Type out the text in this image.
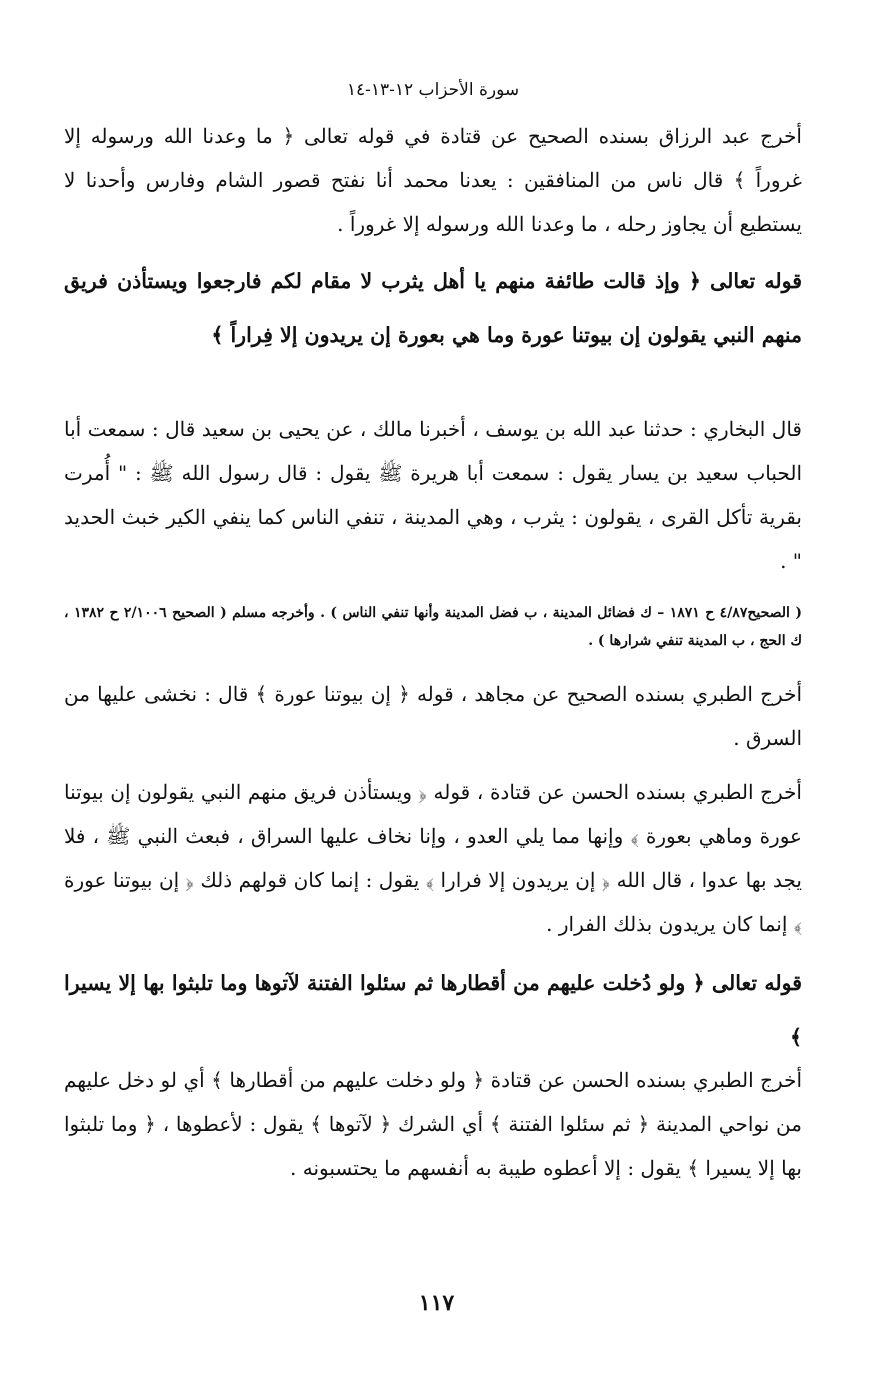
سورة الأحزاب ١٢-١٣-١٤

أخرج عبد الرزاق بسنده الصحيح عن قتادة في قوله تعالى ﴿ ما وعدنا الله ورسوله إلا غروراً ﴾ قال ناس من المنافقين : يعدنا محمد أنا نفتح قصور الشام وفارس وأحدنا لا يستطيع أن يجاوز رحله ، ما وعدنا الله ورسوله إلا غروراً .

قوله تعالى ﴿ وإذ قالت طائفة منهم يا أهل يثرب لا مقام لكم فارجعوا ويستأذن فريق منهم النبي يقولون إن بيوتنا عورة وما هي بعورة إن يريدون إلا فِراراً ﴾

قال البخاري : حدثنا عبد الله بن يوسف ، أخبرنا مالك ، عن يحيى بن سعيد قال : سمعت أبا الحباب سعيد بن يسار يقول : سمعت أبا هريرة ﷺ يقول : قال رسول الله ﷺ : " أُمرت بقرية تأكل القرى ، يقولون : يثرب ، وهي المدينة ، تنفي الناس كما ينفي الكير خبث الحديد " .

( الصحيح٤/٨٧ ح ١٨٧١ – ك فضائل المدينة ، ب فضل المدينة وأنها تنفي الناس ) . وأخرجه مسلم ( الصحيح ٢/١٠٠٦ ح ١٣٨٢ ، ك الحج ، ب المدينة تنفي شرارها ) .

أخرج الطبري بسنده الصحيح عن مجاهد ، قوله ﴿ إن بيوتنا عورة ﴾ قال : نخشى عليها من السرق .

أخرج الطبري بسنده الحسن عن قتادة ، قوله ﴿ ويستأذن فريق منهم النبي يقولون إن بيوتنا عورة وماهي بعورة ﴾ وإنها مما يلي العدو ، وإنا نخاف عليها السراق ، فبعث النبي ﷺ ، فلا يجد بها عدوا ، قال الله ﴿ إن يريدون إلا فرارا ﴾ يقول : إنما كان قولهم ذلك ﴿ إن بيوتنا عورة ﴾ إنما كان يريدون بذلك الفرار .

قوله تعالى ﴿ ولو دُخلت عليهم من أقطارها ثم سئلوا الفتنة لآتوها وما تلبثوا بها إلا يسيرا ﴾

أخرج الطبري بسنده الحسن عن قتادة ﴿ ولو دخلت عليهم من أقطارها ﴾ أي لو دخل عليهم من نواحي المدينة ﴿ ثم سئلوا الفتنة ﴾ أي الشرك ﴿ لآتوها ﴾ يقول : لأعطوها ، ﴿ وما تلبثوا بها إلا يسيرا ﴾ يقول : إلا أعطوه طيبة به أنفسهم ما يحتسبونه .

١١٧
